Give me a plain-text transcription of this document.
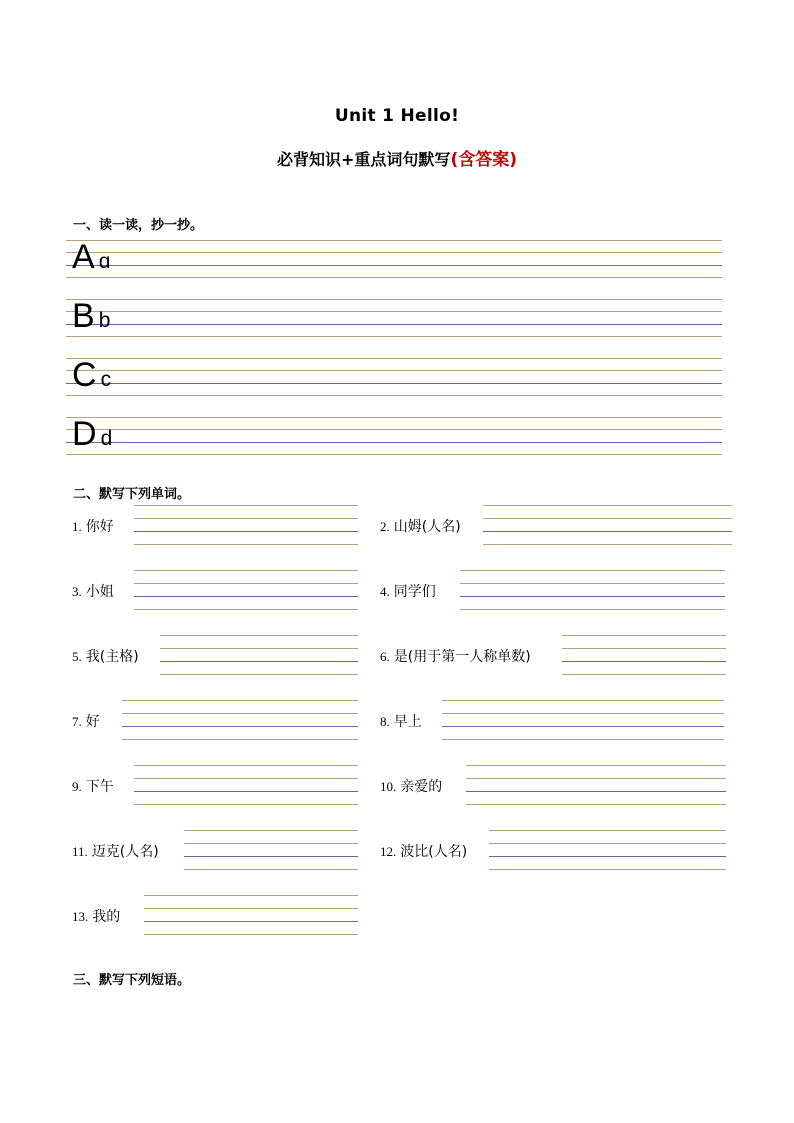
Unit 1 Hello!
必背知识+重点词句默写(含答案)
一、读一读，抄一抄。
Aɑ
Bb
Cc
Dd
二、默写下列单词。
1. 你好	2. 山姆(人名)
3. 小姐	4. 同学们
5. 我(主格)	6. 是(用于第一人称单数)
7. 好	8. 早上
9. 下午	10. 亲爱的
11. 迈克(人名)	12. 波比(人名)
13. 我的
三、默写下列短语。
